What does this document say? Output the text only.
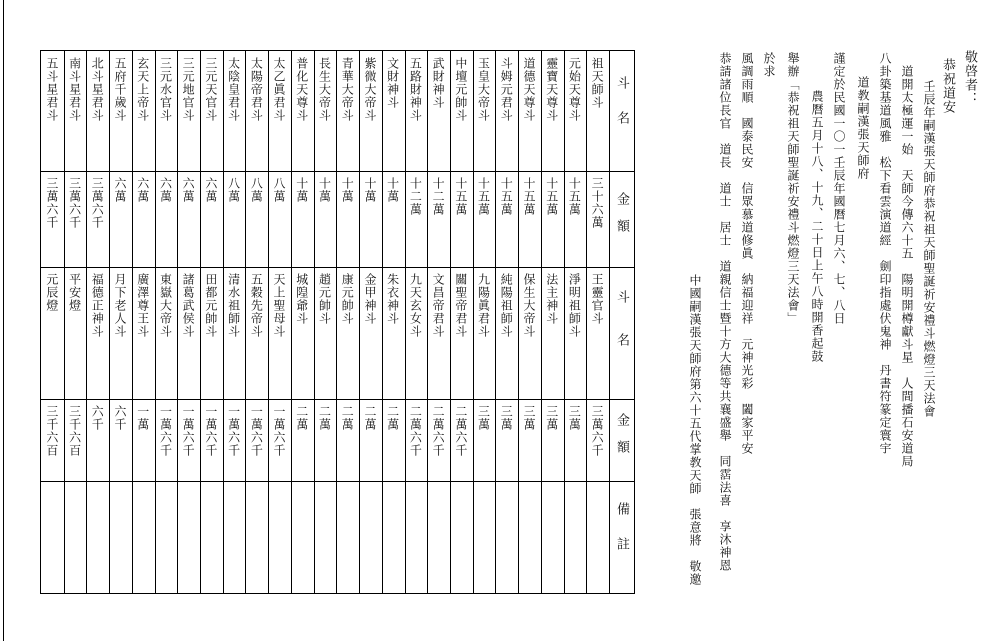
斗名
金額
斗名
金額
備註
祖天師斗
三十六萬
王靈官斗
三萬六千
元始天尊斗
十五萬
淨明祖師斗
三萬
靈寶天尊斗
十五萬
法主神斗
三萬
道德天尊斗
十五萬
保生大帝斗
三萬
斗姆元君斗
十五萬
純陽祖師斗
三萬
玉皇大帝斗
十五萬
九陽眞君斗
三萬
中壇元帥斗
十五萬
關聖帝君斗
二萬六千
武財神斗
十二萬
文昌帝君斗
二萬六千
五路財神斗
十二萬
九天玄女斗
二萬六千
文財神斗
十萬
朱衣神斗
二萬
紫微大帝斗
十萬
金甲神斗
二萬
青華大帝斗
十萬
康元帥斗
二萬
長生大帝斗
十萬
趙元帥斗
二萬
普化天尊斗
十萬
城隍爺斗
二萬
太乙眞君斗
八萬
天上聖母斗
一萬六千
太陽帝君斗
八萬
五穀先帝斗
一萬六千
太陰皇君斗
八萬
清水祖師斗
一萬六千
三元天官斗
六萬
田都元帥斗
一萬六千
三元地官斗
六萬
諸葛武侯斗
一萬六千
三元水官斗
六萬
東嶽大帝斗
一萬六千
玄天上帝斗
六萬
廣澤尊王斗
一萬
五府千歲斗
六萬
月下老人斗
六千
北斗星君斗
三萬六千
福德正神斗
六千
南斗星君斗
三萬六千
平安燈
三千六百
五斗星君斗
三萬六千
元辰燈
三千六百
敬啓者：
恭祝道安
壬辰年嗣漢張天師府恭祝祖天師聖誕祈安禮斗燃燈三天法會
道開太極運一始　天師今傳六十五　陽明開樽獻斗星　人間播石安道局
八卦築基道風雅　松下看雲演道經　劍印指處伏鬼神　丹書符篆定寰宇
道教嗣漢張天師府
謹定於民國一〇一壬辰年國曆七月六、七、八日
農曆五月十八、十九、二十日上午八時開香起鼓
舉辦「恭祝祖天師聖誕祈安禮斗燃燈三天法會」
於求
風調雨順　國泰民安　信眾慕道修眞　納福迎祥　元神光彩　闔家平安
恭請諸位長官　道長　道士　居士　道親信士暨十方大德等共襄盛舉　同霑法喜　享沐神恩
中國嗣漢張天師府第六十五代掌教天師　張意將　敬邀
